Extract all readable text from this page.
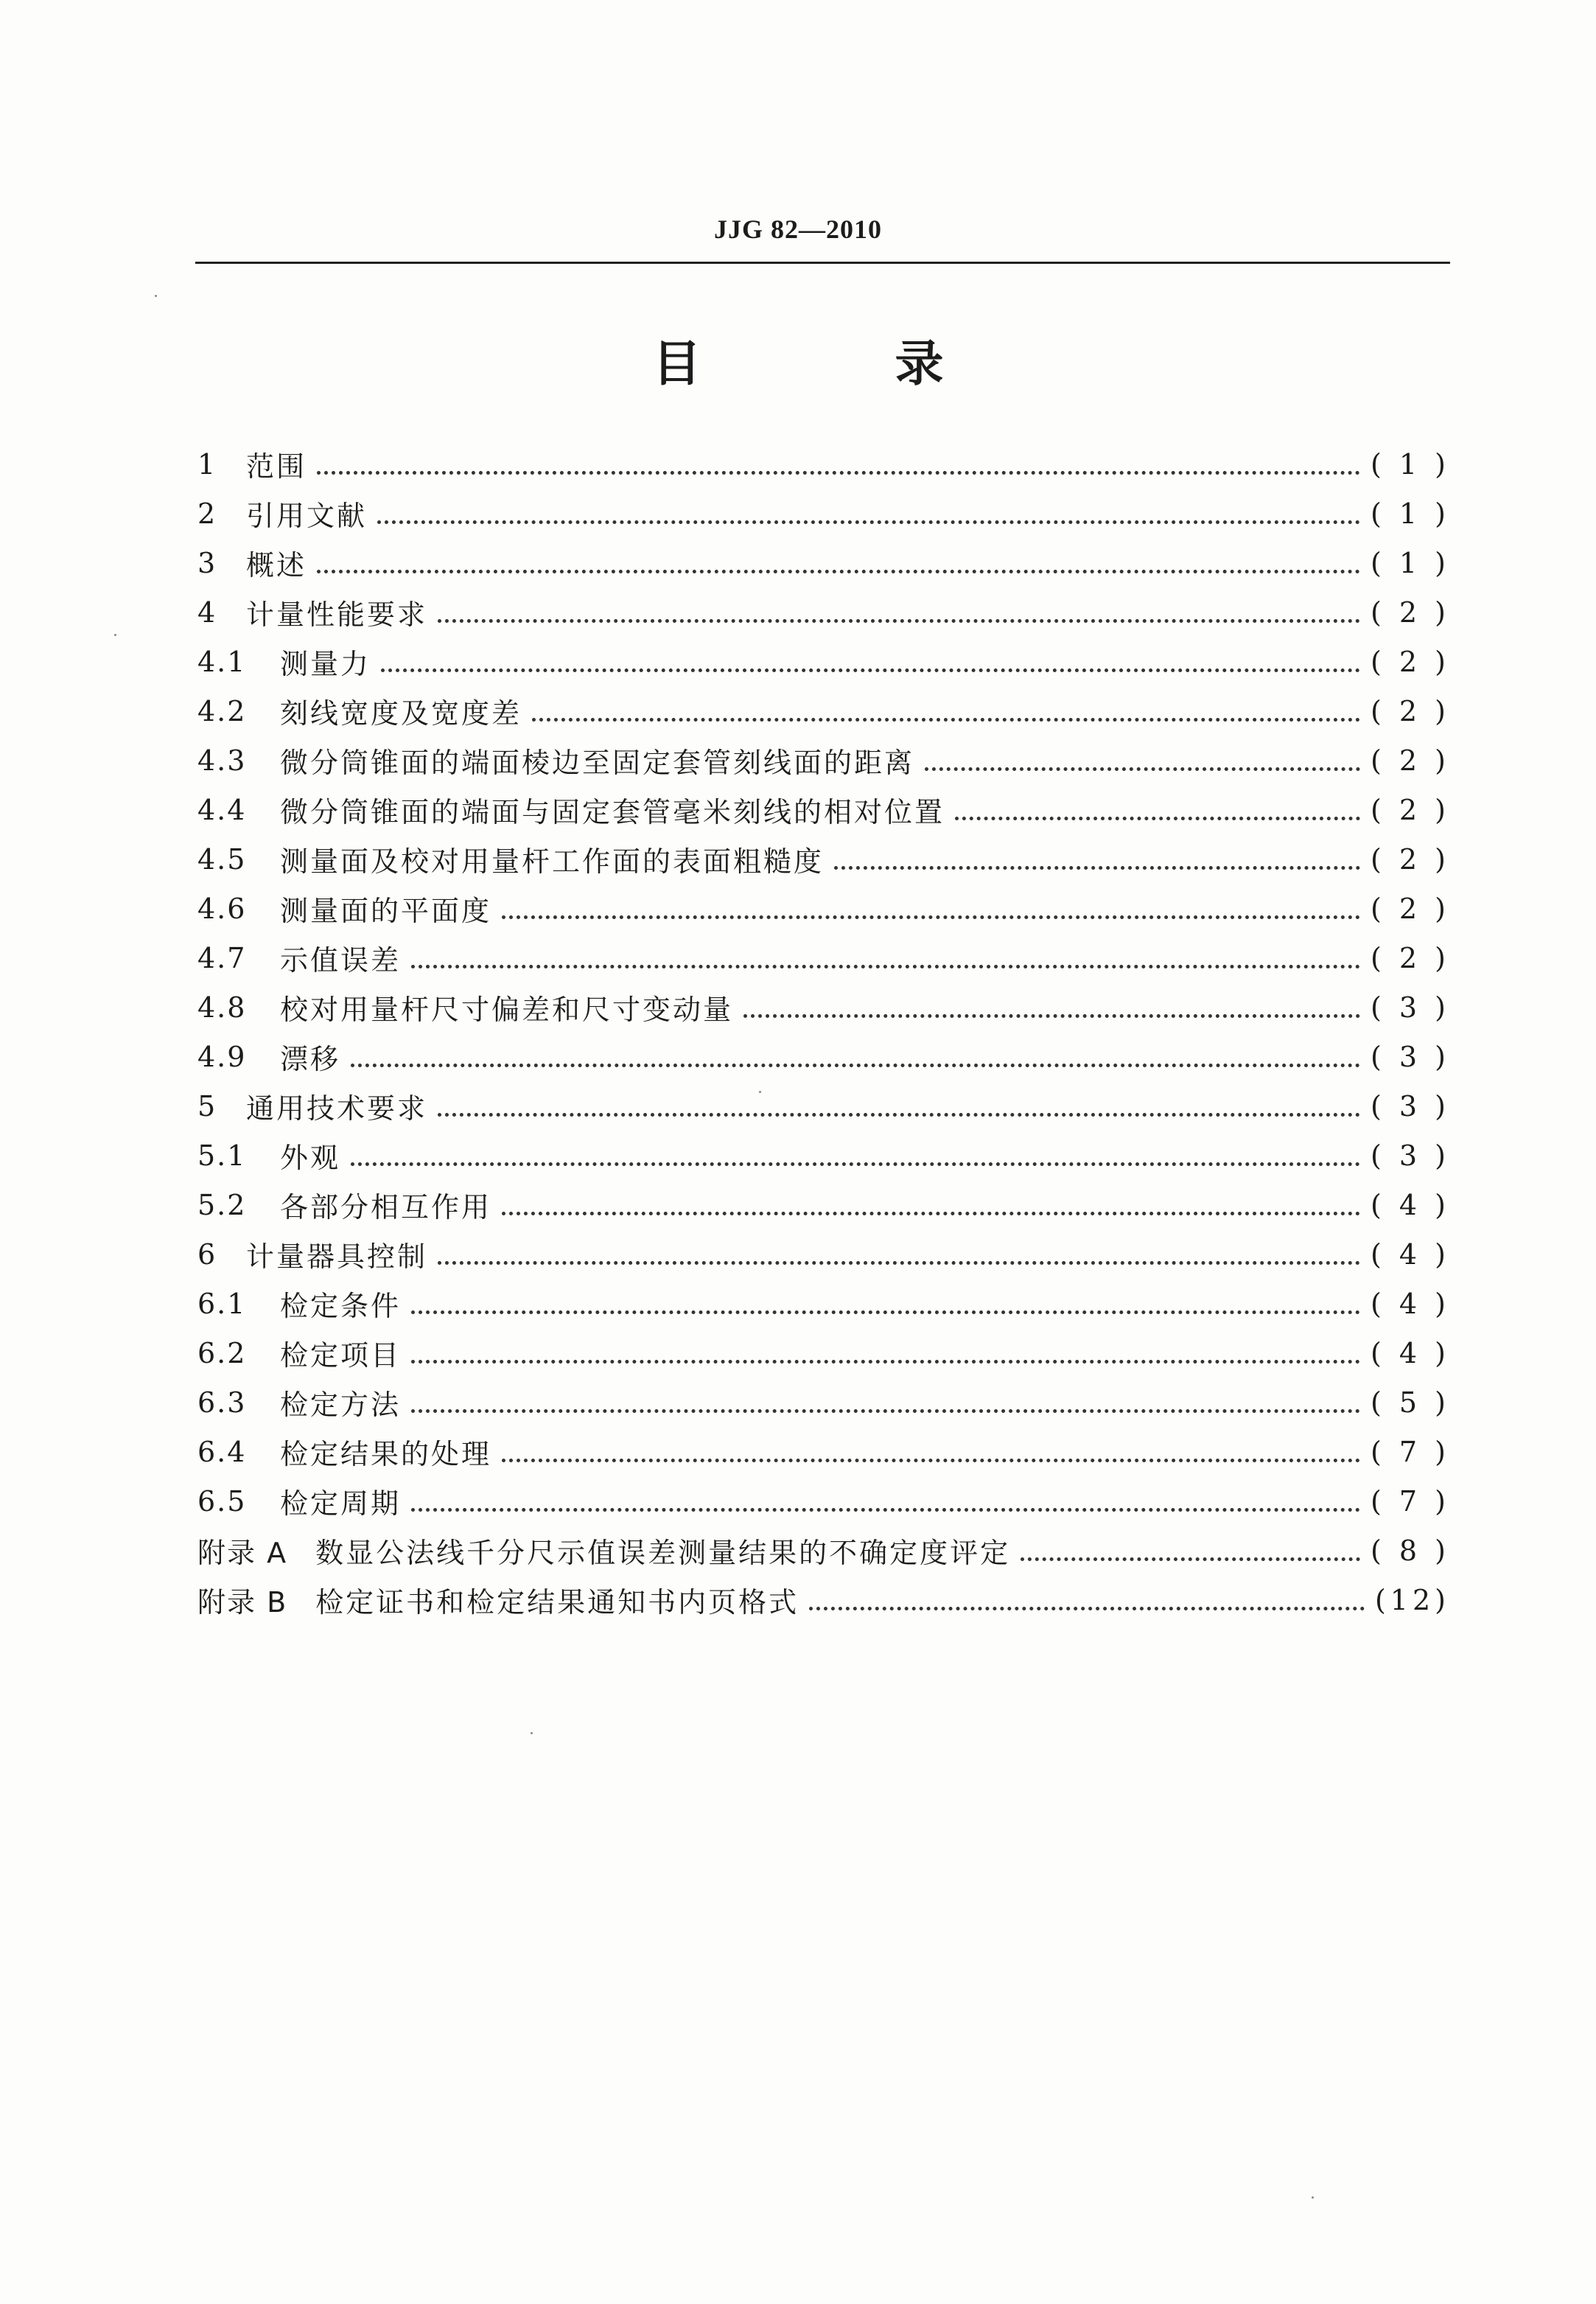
JJG 82—2010
目 录
1	范围	( 1 )
2	引用文献	( 1 )
3	概述	( 1 )
4	计量性能要求	( 2 )
4.1	测量力	( 2 )
4.2	刻线宽度及宽度差	( 2 )
4.3	微分筒锥面的端面棱边至固定套管刻线面的距离	( 2 )
4.4	微分筒锥面的端面与固定套管毫米刻线的相对位置	( 2 )
4.5	测量面及校对用量杆工作面的表面粗糙度	( 2 )
4.6	测量面的平面度	( 2 )
4.7	示值误差	( 2 )
4.8	校对用量杆尺寸偏差和尺寸变动量	( 3 )
4.9	漂移	( 3 )
5	通用技术要求	( 3 )
5.1	外观	( 3 )
5.2	各部分相互作用	( 4 )
6	计量器具控制	( 4 )
6.1	检定条件	( 4 )
6.2	检定项目	( 4 )
6.3	检定方法	( 5 )
6.4	检定结果的处理	( 7 )
6.5	检定周期	( 7 )
附录 A 数显公法线千分尺示值误差测量结果的不确定度评定	( 8 )
附录 B 检定证书和检定结果通知书内页格式	(12)
